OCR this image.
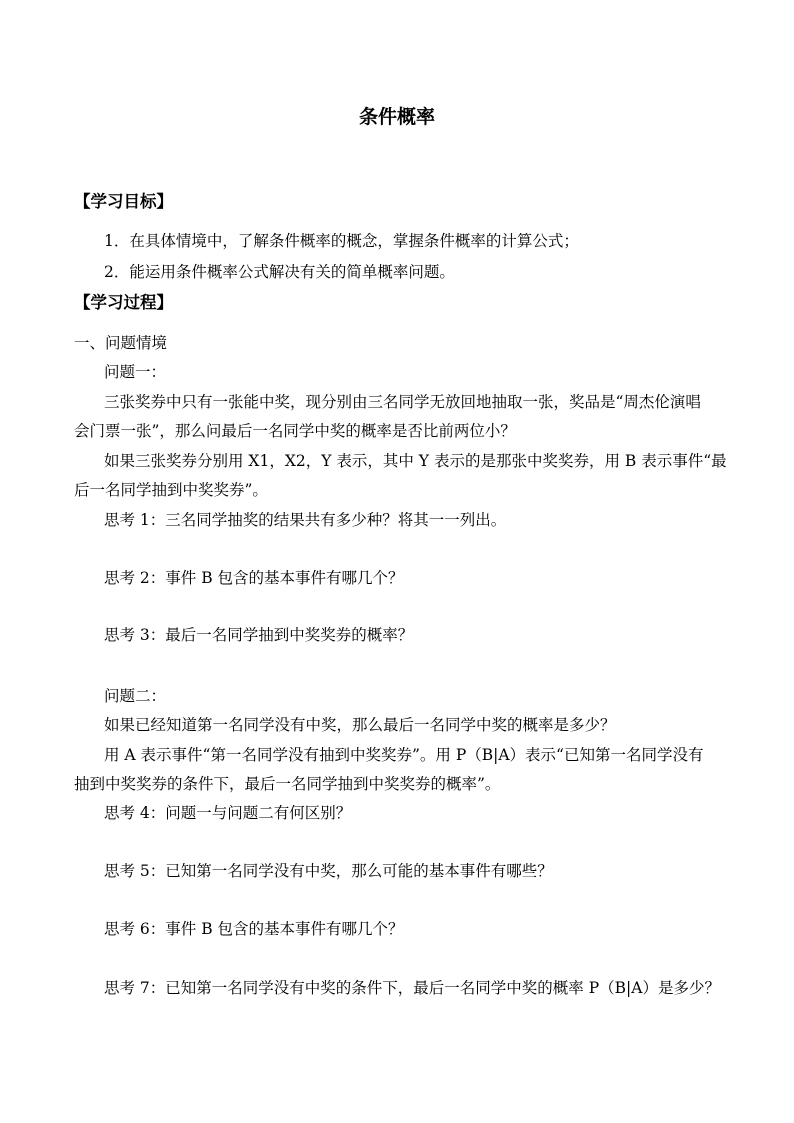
条件概率
【学习目标】
1．在具体情境中，了解条件概率的概念，掌握条件概率的计算公式；
2．能运用条件概率公式解决有关的简单概率问题。
【学习过程】
一、问题情境
问题一：
三张奖券中只有一张能中奖，现分别由三名同学无放回地抽取一张，奖品是“周杰伦演唱
会门票一张”，那么问最后一名同学中奖的概率是否比前两位小？
如果三张奖券分别用 X1，X2，Y 表示，其中 Y 表示的是那张中奖奖券，用 B 表示事件“最
后一名同学抽到中奖奖券”。
思考 1：三名同学抽奖的结果共有多少种？将其一一列出。
思考 2：事件 B 包含的基本事件有哪几个？
思考 3：最后一名同学抽到中奖奖券的概率？
问题二：
如果已经知道第一名同学没有中奖，那么最后一名同学中奖的概率是多少？
用 A 表示事件“第一名同学没有抽到中奖奖券”。用 P（B|A）表示“已知第一名同学没有
抽到中奖奖券的条件下，最后一名同学抽到中奖奖券的概率”。
思考 4：问题一与问题二有何区别？
思考 5：已知第一名同学没有中奖，那么可能的基本事件有哪些？
思考 6：事件 B 包含的基本事件有哪几个？
思考 7：已知第一名同学没有中奖的条件下，最后一名同学中奖的概率 P（B|A）是多少？
